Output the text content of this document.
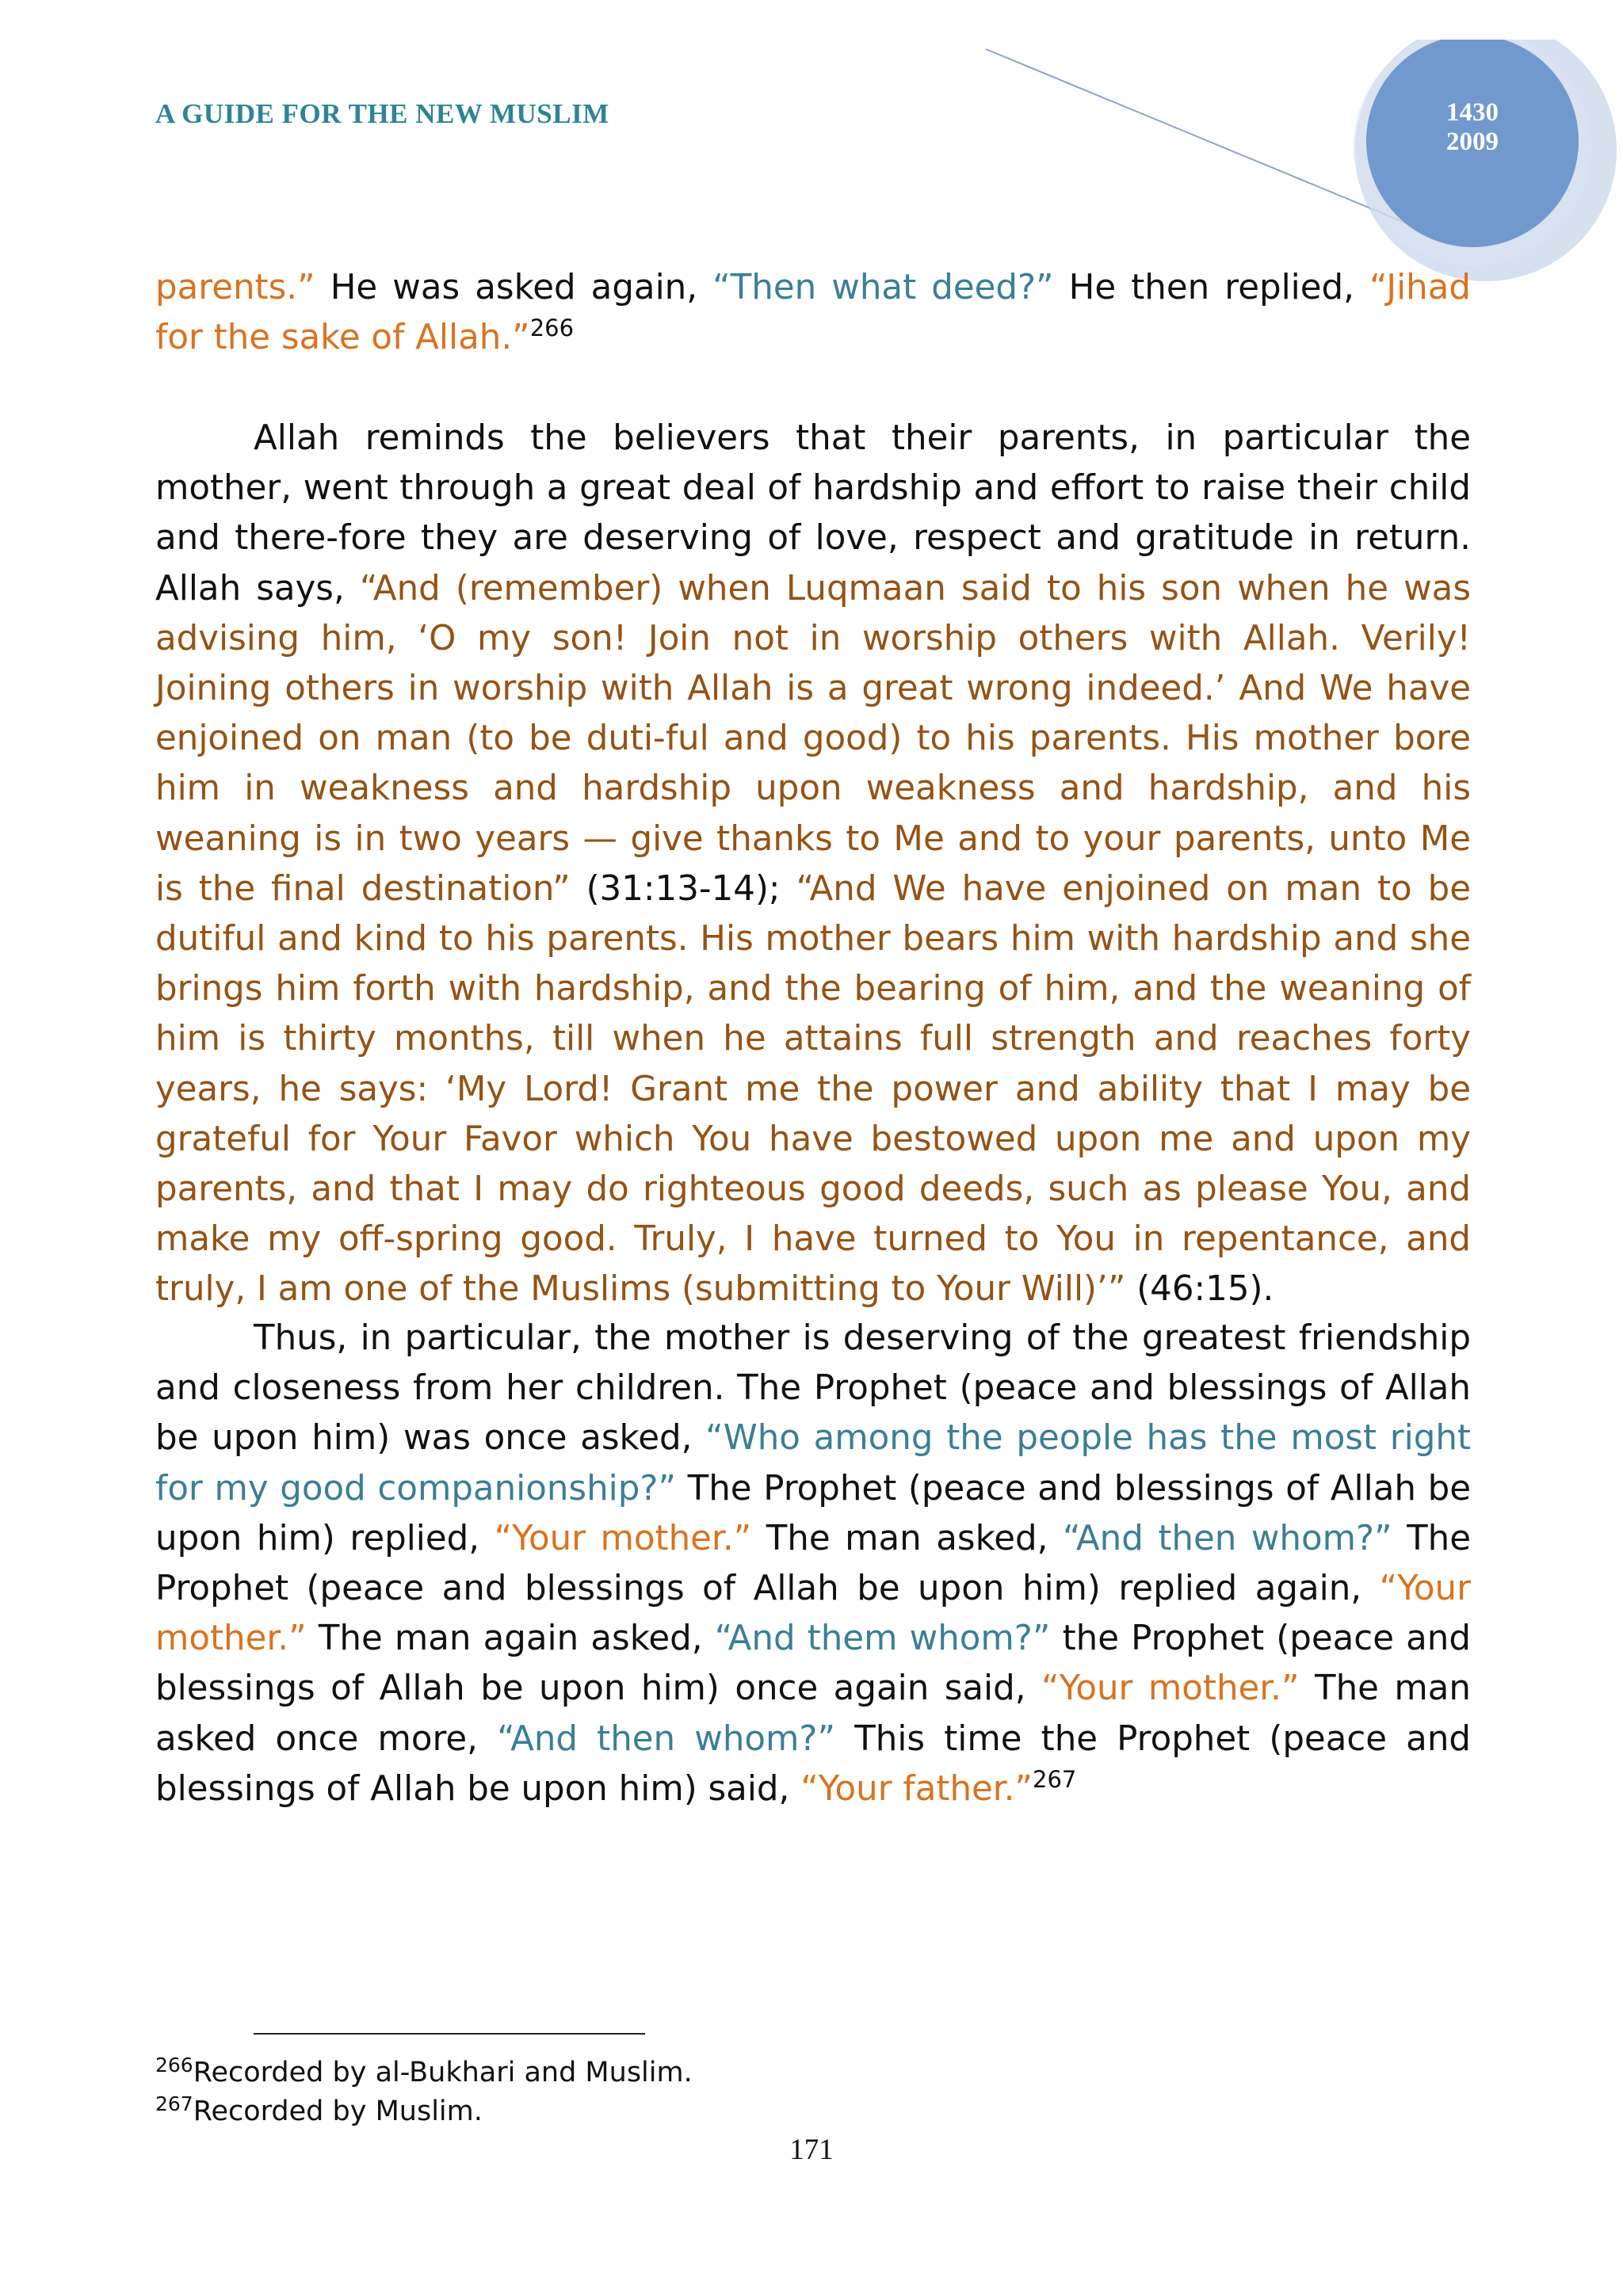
A GUIDE FOR THE NEW MUSLIM	1430 2009
parents.” He was asked again, “Then what deed?” He then replied, “Jihad for the sake of Allah.”$^{266}$
Allah reminds the believers that their parents, in particular the mother, went through a great deal of hardship and effort to raise their child and there-fore they are deserving of love, respect and gratitude in return. Allah says, “And (remember) when Luqmaan said to his son when he was advising him, ‘O my son! Join not in worship others with Allah. Verily! Joining others in worship with Allah is a great wrong indeed.’ And We have enjoined on man (to be duti-ful and good) to his parents. His mother bore him in weakness and hardship upon weakness and hardship, and his weaning is in two years — give thanks to Me and to your parents, unto Me is the final destination” (31:13-14); “And We have enjoined on man to be dutiful and kind to his parents. His mother bears him with hardship and she brings him forth with hardship, and the bearing of him, and the weaning of him is thirty months, till when he attains full strength and reaches forty years, he says: ‘My Lord! Grant me the power and ability that I may be grateful for Your Favor which You have bestowed upon me and upon my parents, and that I may do righteous good deeds, such as please You, and make my off-spring good. Truly, I have turned to You in repentance, and truly, I am one of the Muslims (submitting to Your Will)’” (46:15).
Thus, in particular, the mother is deserving of the greatest friendship and closeness from her children. The Prophet (peace and blessings of Allah be upon him) was once asked, “Who among the people has the most right for my good companionship?” The Prophet (peace and blessings of Allah be upon him) replied, “Your mother.” The man asked, “And then whom?” The Prophet (peace and blessings of Allah be upon him) replied again, “Your mother.” The man again asked, “And them whom?” the Prophet (peace and blessings of Allah be upon him) once again said, “Your mother.” The man asked once more, “And then whom?” This time the Prophet (peace and blessings of Allah be upon him) said, “Your father.”$^{267}$
$^{266}$Recorded by al-Bukhari and Muslim.
$^{267}$Recorded by Muslim.
171
